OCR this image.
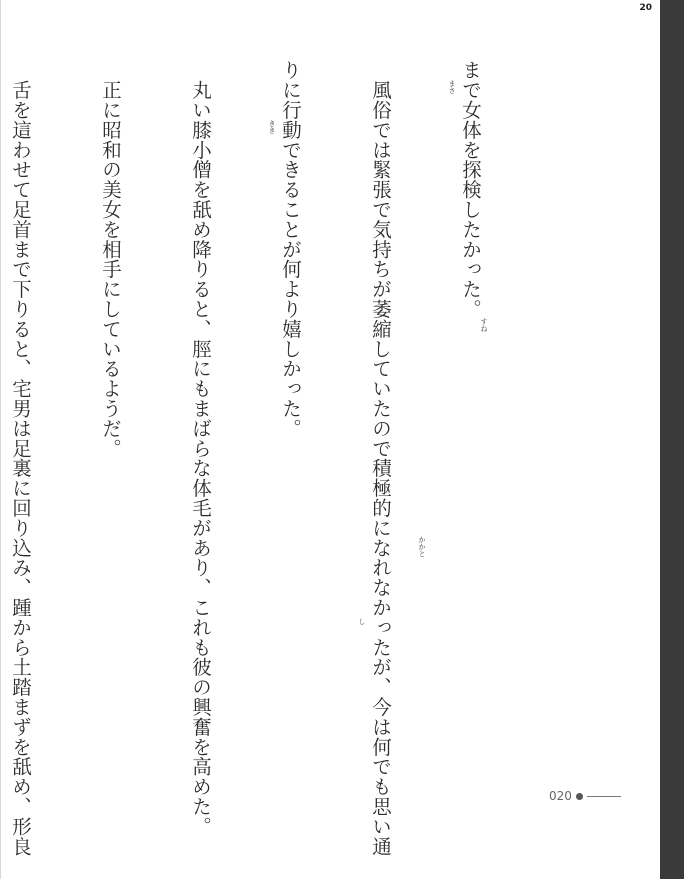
まで女体を探検したかった。

　風俗では緊張で気持ちが萎縮していたので積極的になれなかったが、今は何でも思い通

りに行動できることが何より嬉しかった。

　丸い膝小僧を舐め降りると、脛にもまばらな体毛があり、これも彼の興奮を高めた。

　正に昭和の美女を相手にしているようだ。

　舌を這わせて足首まで下りると、宅男は足裏に回り込み、踵から土踏まずを舐め、形良

	すね
まさ
かかと
きき
し
020
20
